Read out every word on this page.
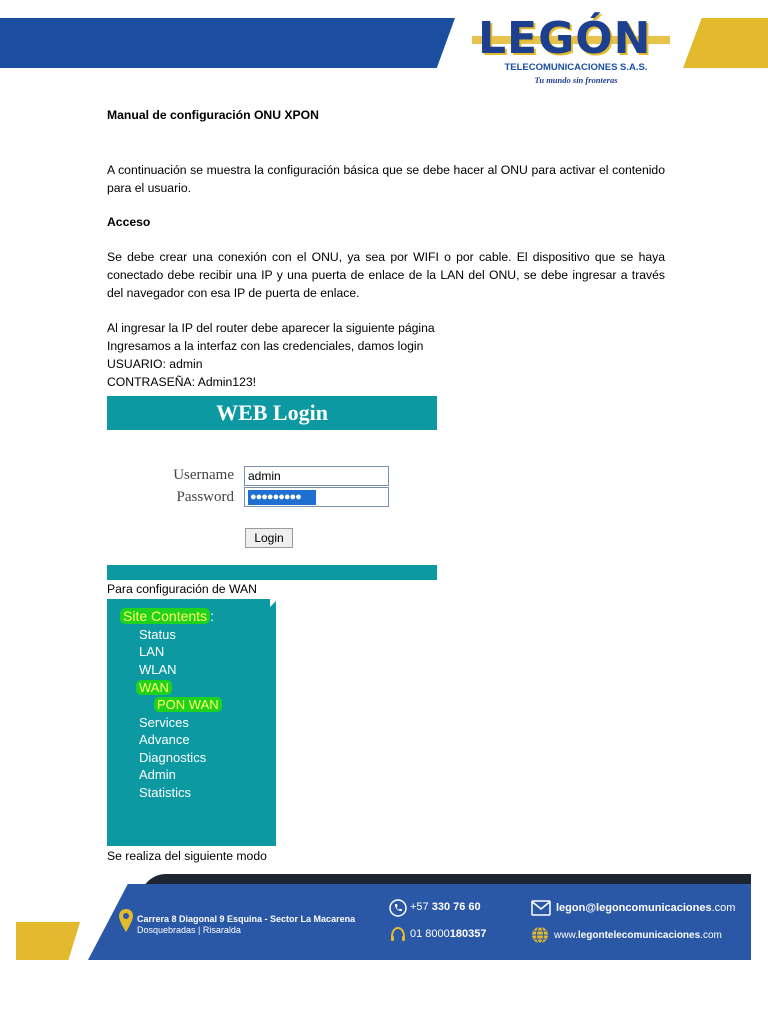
LEGÓN
TELECOMUNICACIONES S.A.S.
Tu mundo sin fronteras
Manual de configuración ONU XPON
A continuación se muestra la configuración básica que se debe hacer al ONU para activar el contenido para el usuario.
Acceso
Se debe crear una conexión con el ONU, ya sea por WIFI o por cable. El dispositivo que se haya conectado debe recibir una IP y una puerta de enlace de la LAN del ONU, se debe ingresar a través del navegador con esa IP de puerta de enlace.
Al ingresar la IP del router debe aparecer la siguiente página
Ingresamos a la interfaz con las credenciales, damos login
USUARIO: admin
CONTRASEÑA: Admin123!
WEB Login
Username
Password
admin
●●●●●●●●●
Login
Para configuración de WAN
Site Contents :
Status
LAN
WLAN
WAN
PON WAN
Services
Advance
Diagnostics
Admin
Statistics
Se realiza del siguiente modo
Carrera 8 Diagonal 9 Esquina - Sector La Macarena
Dosquebradas | Risaralda
+57 330 76 60
01 8000180357
legon@legoncomunicaciones.com
www.legontelecomunicaciones.com
